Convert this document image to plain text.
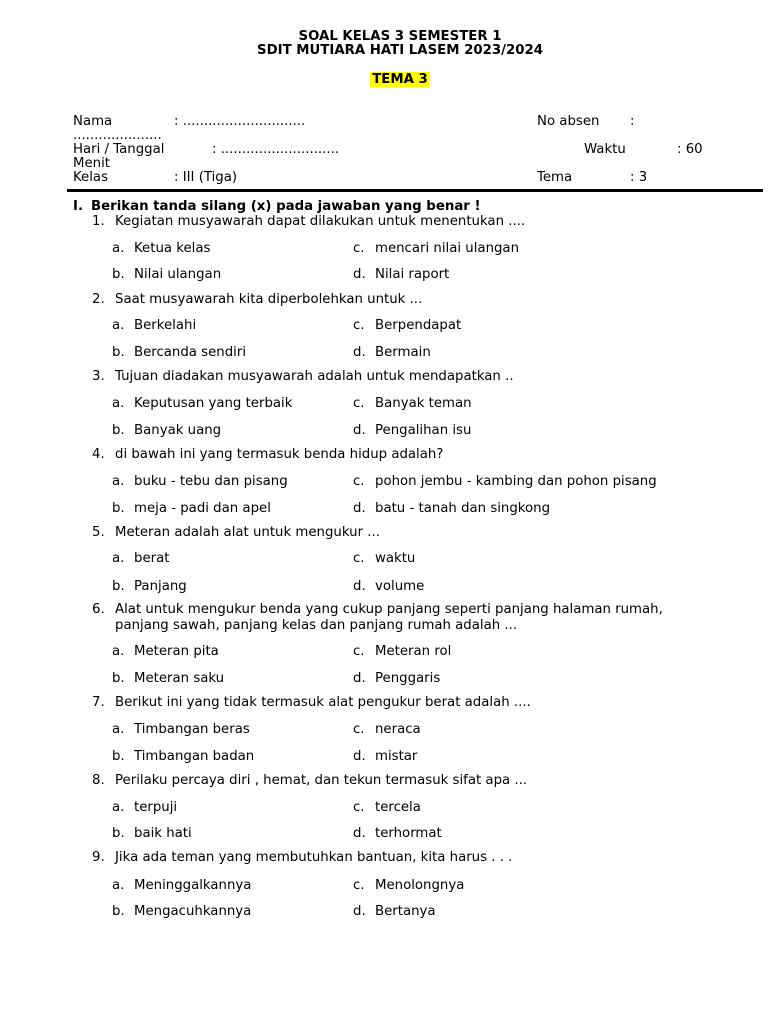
SOAL KELAS 3 SEMESTER 1
SDIT MUTIARA HATI LASEM 2023/2024
TEMA 3
Nama	: .............................	No absen :
.....................
Hari / Tanggal	: ............................	Waktu	: 60
Menit
Kelas	: III (Tiga)	Tema	: 3
I. Berikan tanda silang (x) pada jawaban yang benar !
1. Kegiatan musyawarah dapat dilakukan untuk menentukan ....
a. Ketua kelas
b. Nilai ulangan
c. mencari nilai ulangan
d. Nilai raport
2. Saat musyawarah kita diperbolehkan untuk ...
a. Berkelahi
b. Bercanda sendiri
c. Berpendapat
d. Bermain
3. Tujuan diadakan musyawarah adalah untuk mendapatkan ..
a. Keputusan yang terbaik
b. Banyak uang
c. Banyak teman
d. Pengalihan isu
4. di bawah ini yang termasuk benda hidup adalah?
a. buku - tebu dan pisang
b. meja - padi dan apel
c. pohon jembu - kambing dan pohon pisang
d. batu - tanah dan singkong
5. Meteran adalah alat untuk mengukur ...
a. berat
b. Panjang
c. waktu
d. volume
6. Alat untuk mengukur benda yang cukup panjang seperti panjang halaman rumah,
panjang sawah, panjang kelas dan panjang rumah adalah ...
a. Meteran pita
b. Meteran saku
c. Meteran rol
d. Penggaris
7. Berikut ini yang tidak termasuk alat pengukur berat adalah ....
a. Timbangan beras
b. Timbangan badan
c. neraca
d. mistar
8. Perilaku percaya diri , hemat, dan tekun termasuk sifat apa ...
a. terpuji
b. baik hati
c. tercela
d. terhormat
9. Jika ada teman yang membutuhkan bantuan, kita harus . . .
a. Meninggalkannya
b. Mengacuhkannya
c. Menolongnya
d. Bertanya
